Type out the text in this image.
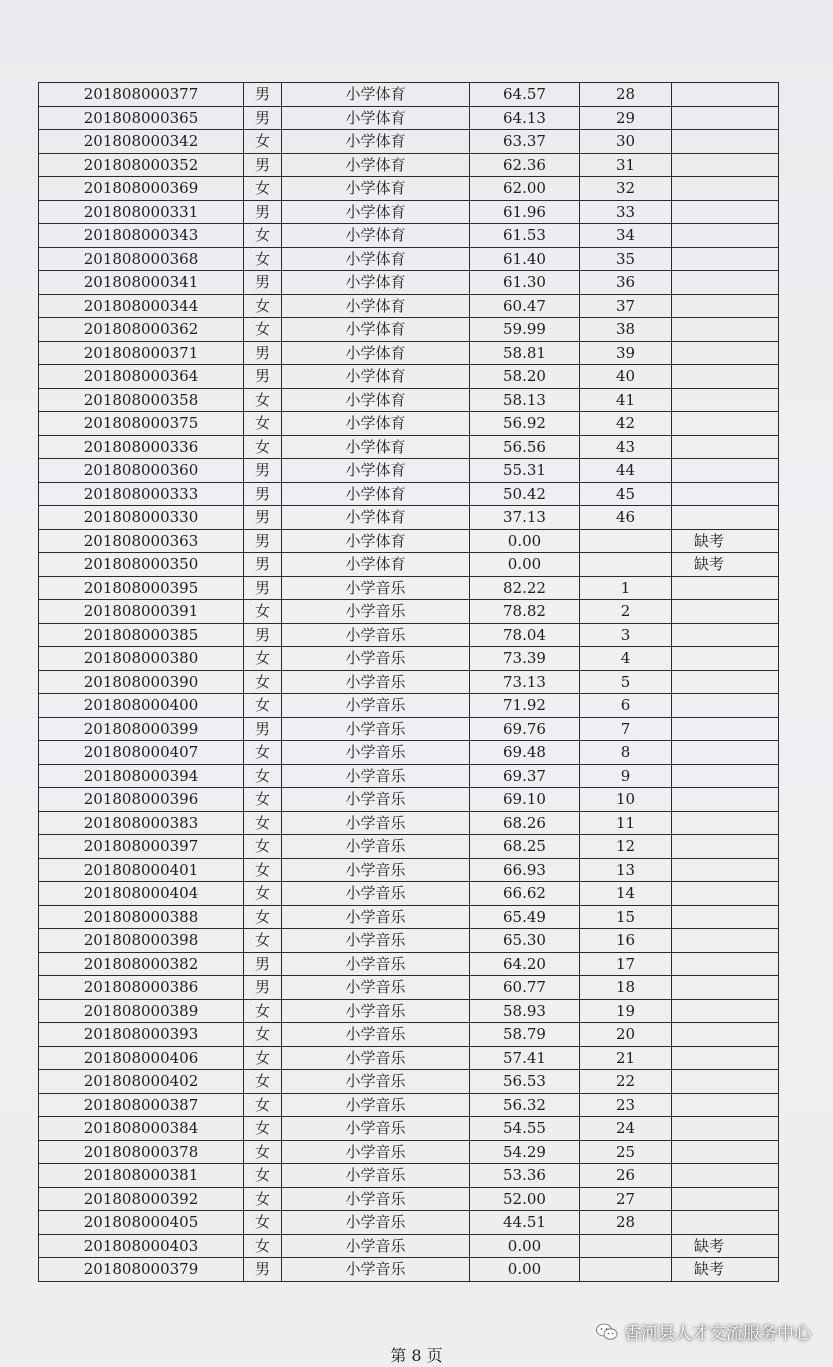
201808000377	男	小学体育	64.57	28	
201808000365	男	小学体育	64.13	29	
201808000342	女	小学体育	63.37	30	
201808000352	男	小学体育	62.36	31	
201808000369	女	小学体育	62.00	32	
201808000331	男	小学体育	61.96	33	
201808000343	女	小学体育	61.53	34	
201808000368	女	小学体育	61.40	35	
201808000341	男	小学体育	61.30	36	
201808000344	女	小学体育	60.47	37	
201808000362	女	小学体育	59.99	38	
201808000371	男	小学体育	58.81	39	
201808000364	男	小学体育	58.20	40	
201808000358	女	小学体育	58.13	41	
201808000375	女	小学体育	56.92	42	
201808000336	女	小学体育	56.56	43	
201808000360	男	小学体育	55.31	44	
201808000333	男	小学体育	50.42	45	
201808000330	男	小学体育	37.13	46	
201808000363	男	小学体育	0.00		缺考
201808000350	男	小学体育	0.00		缺考
201808000395	男	小学音乐	82.22	1	
201808000391	女	小学音乐	78.82	2	
201808000385	男	小学音乐	78.04	3	
201808000380	女	小学音乐	73.39	4	
201808000390	女	小学音乐	73.13	5	
201808000400	女	小学音乐	71.92	6	
201808000399	男	小学音乐	69.76	7	
201808000407	女	小学音乐	69.48	8	
201808000394	女	小学音乐	69.37	9	
201808000396	女	小学音乐	69.10	10	
201808000383	女	小学音乐	68.26	11	
201808000397	女	小学音乐	68.25	12	
201808000401	女	小学音乐	66.93	13	
201808000404	女	小学音乐	66.62	14	
201808000388	女	小学音乐	65.49	15	
201808000398	女	小学音乐	65.30	16	
201808000382	男	小学音乐	64.20	17	
201808000386	男	小学音乐	60.77	18	
201808000389	女	小学音乐	58.93	19	
201808000393	女	小学音乐	58.79	20	
201808000406	女	小学音乐	57.41	21	
201808000402	女	小学音乐	56.53	22	
201808000387	女	小学音乐	56.32	23	
201808000384	女	小学音乐	54.55	24	
201808000378	女	小学音乐	54.29	25	
201808000381	女	小学音乐	53.36	26	
201808000392	女	小学音乐	52.00	27	
201808000405	女	小学音乐	44.51	28	
201808000403	女	小学音乐	0.00		缺考
201808000379	男	小学音乐	0.00		缺考
香河县人才交流服务中心
第 8 页
